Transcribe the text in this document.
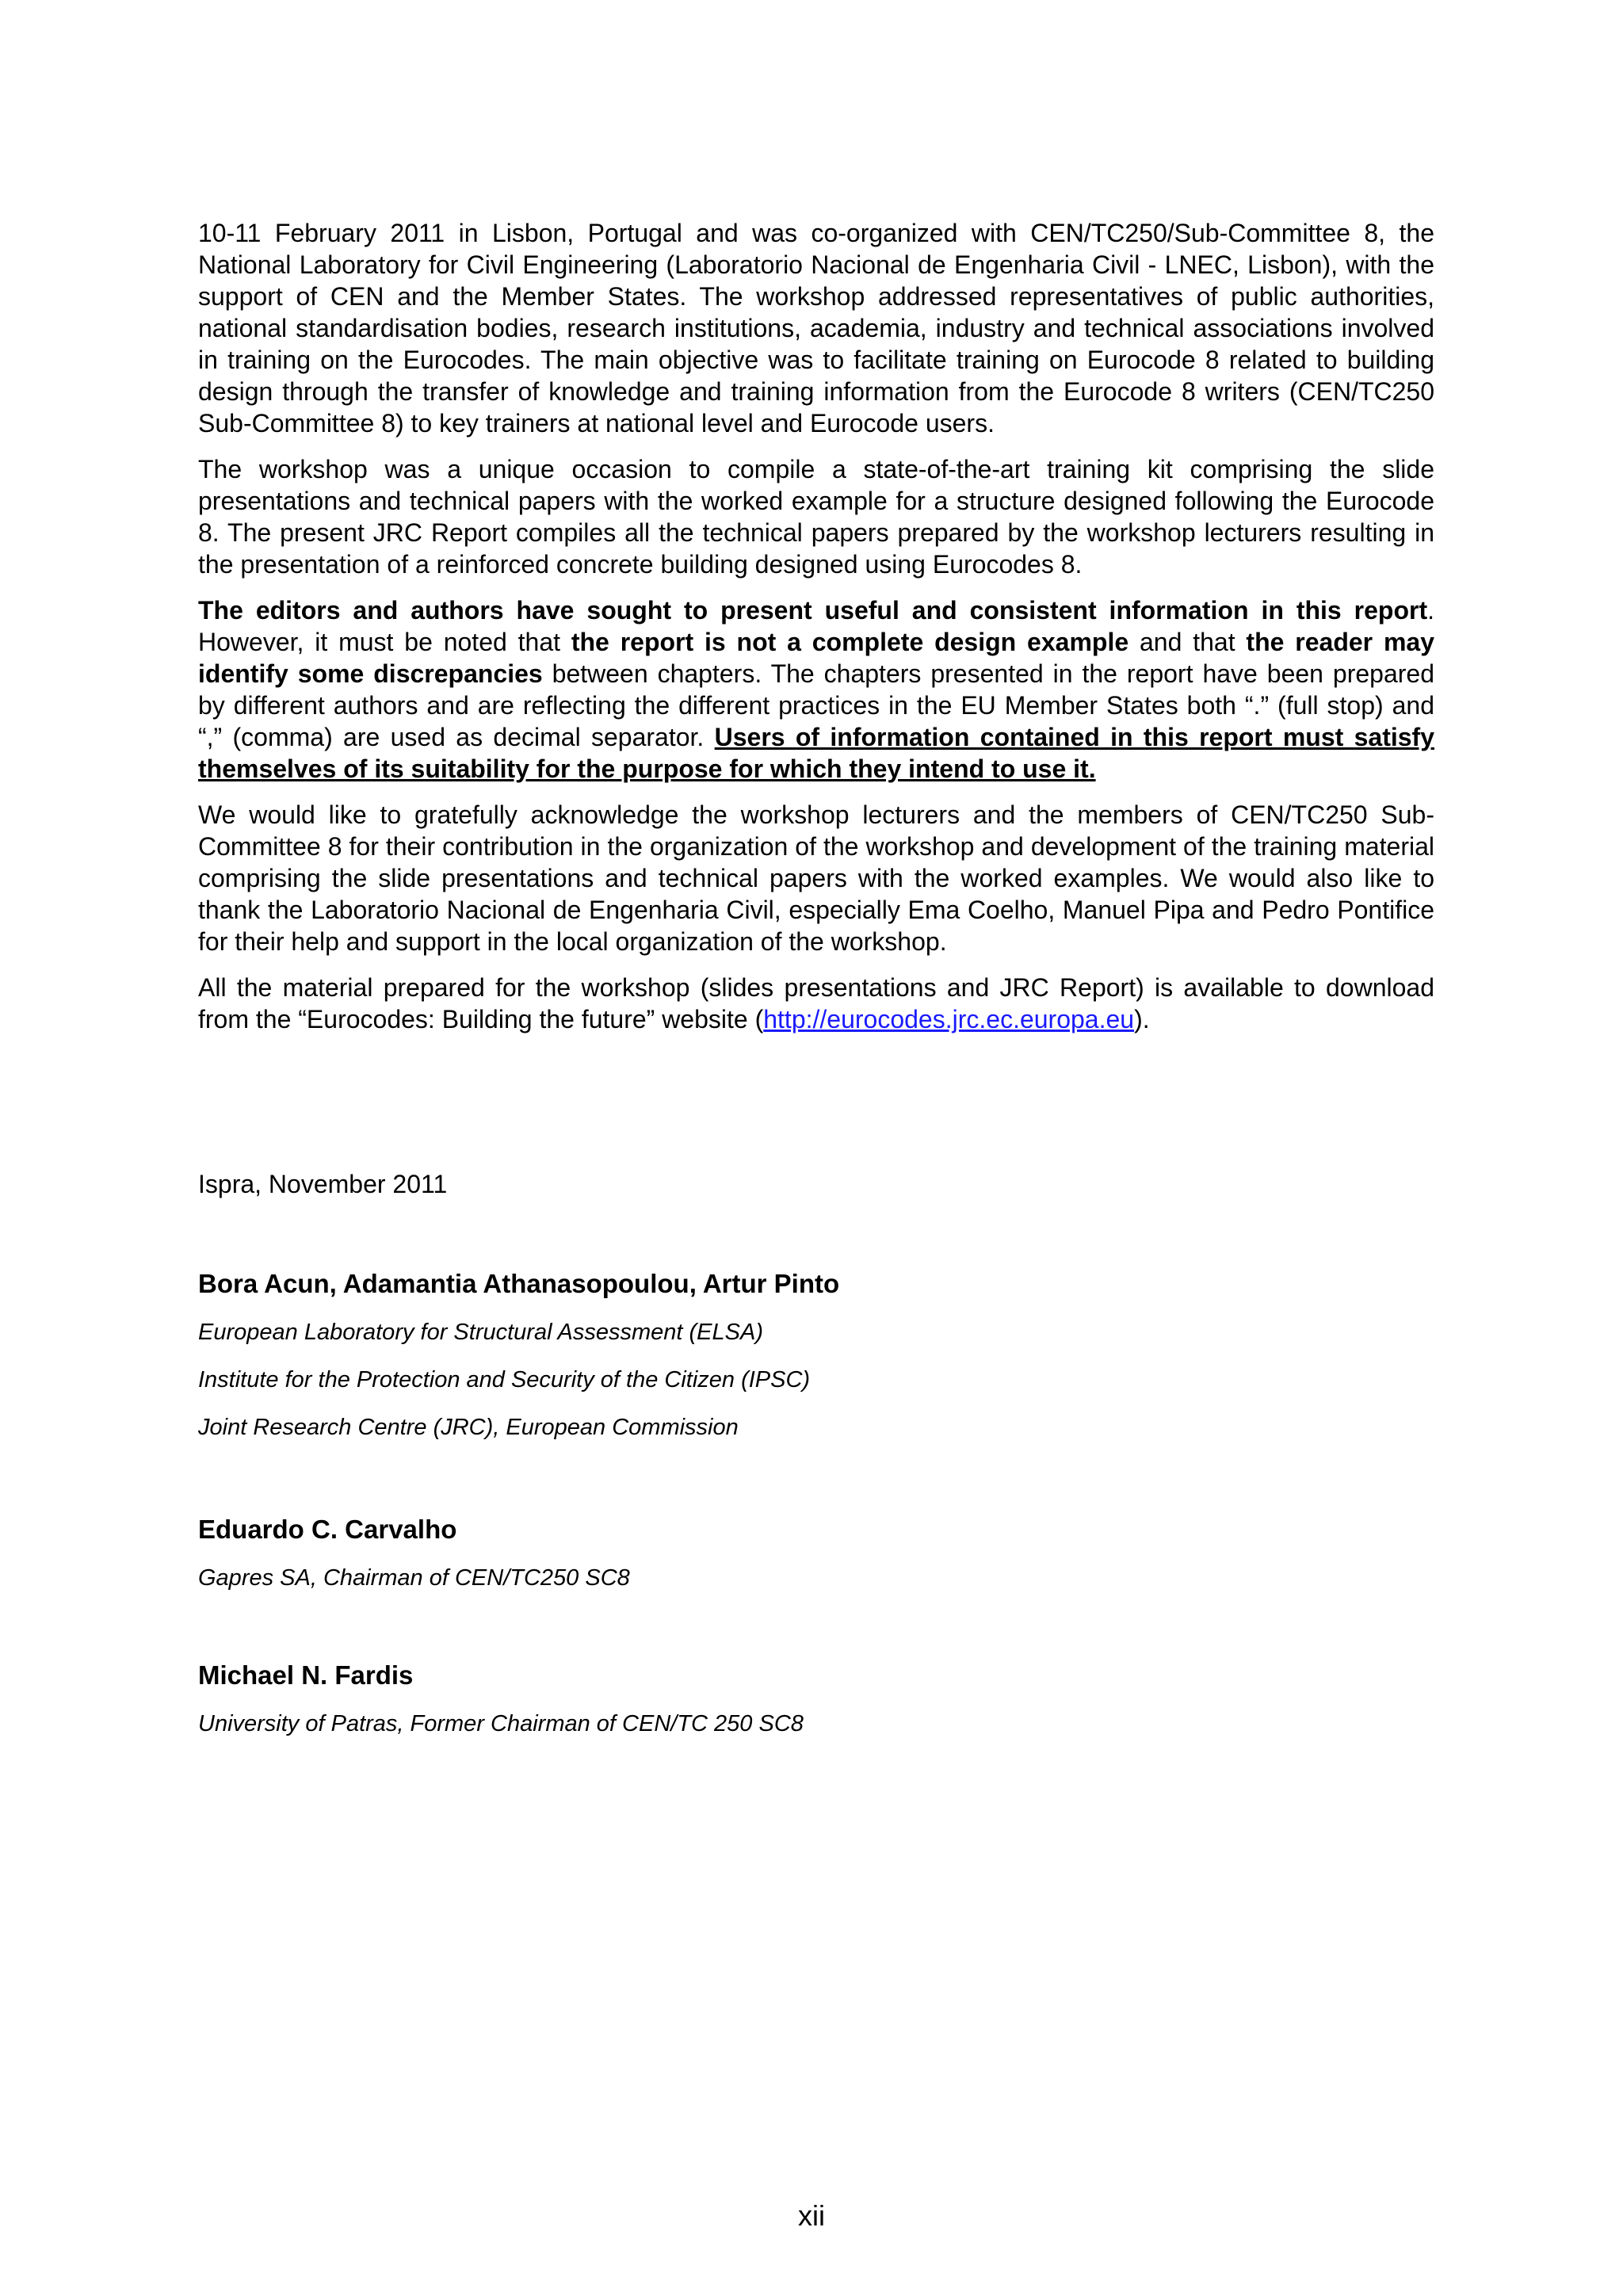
10-11 February 2011 in Lisbon, Portugal and was co-organized with CEN/TC250/Sub-Committee 8, the National Laboratory for Civil Engineering (Laboratorio Nacional de Engenharia Civil - LNEC, Lisbon), with the support of CEN and the Member States. The workshop addressed representatives of public authorities, national standardisation bodies, research institutions, academia, industry and technical associations involved in training on the Eurocodes. The main objective was to facilitate training on Eurocode 8 related to building design through the transfer of knowledge and training information from the Eurocode 8 writers (CEN/TC250 Sub-Committee 8) to key trainers at national level and Eurocode users.

The workshop was a unique occasion to compile a state-of-the-art training kit comprising the slide presentations and technical papers with the worked example for a structure designed following the Eurocode 8. The present JRC Report compiles all the technical papers prepared by the workshop lecturers resulting in the presentation of a reinforced concrete building designed using Eurocodes 8.

The editors and authors have sought to present useful and consistent information in this report. However, it must be noted that the report is not a complete design example and that the reader may identify some discrepancies between chapters. The chapters presented in the report have been prepared by different authors and are reflecting the different practices in the EU Member States both “.” (full stop) and “,” (comma) are used as decimal separator. Users of information contained in this report must satisfy themselves of its suitability for the purpose for which they intend to use it.

We would like to gratefully acknowledge the workshop lecturers and the members of CEN/TC250 Sub-Committee 8 for their contribution in the organization of the workshop and development of the training material comprising the slide presentations and technical papers with the worked examples. We would also like to thank the Laboratorio Nacional de Engenharia Civil, especially Ema Coelho, Manuel Pipa and Pedro Pontifice for their help and support in the local organization of the workshop.

All the material prepared for the workshop (slides presentations and JRC Report) is available to download from the “Eurocodes: Building the future” website (http://eurocodes.jrc.ec.europa.eu).

Ispra, November 2011

Bora Acun, Adamantia Athanasopoulou, Artur Pinto

European Laboratory for Structural Assessment (ELSA)

Institute for the Protection and Security of the Citizen (IPSC)

Joint Research Centre (JRC), European Commission

Eduardo C. Carvalho

Gapres SA, Chairman of CEN/TC250 SC8

Michael N. Fardis

University of Patras, Former Chairman of CEN/TC 250 SC8

xii
